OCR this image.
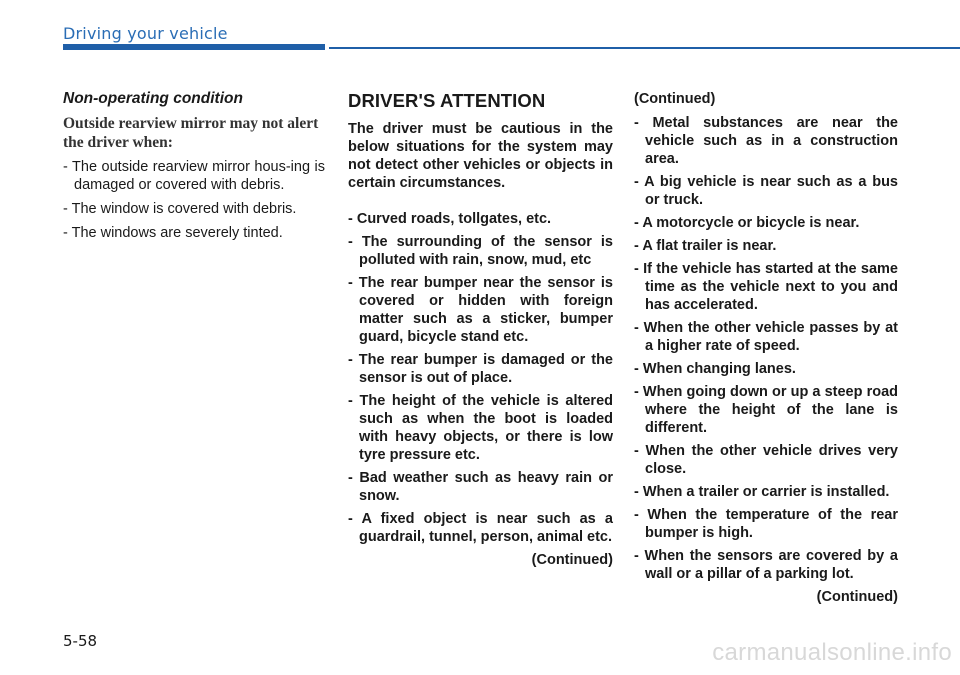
Driving your vehicle
Non-operating condition
Outside rearview mirror may not alert the driver when:
- The outside rearview mirror hous-ing is damaged or covered with debris.
- The window is covered with debris.
- The windows are severely tinted.
DRIVER'S ATTENTION
The driver must be cautious in the below situations for the system may not detect other vehicles or objects in certain circumstances.
- Curved roads, tollgates, etc.
- The surrounding of the sensor is polluted with rain, snow, mud, etc
- The rear bumper near the sensor is covered or hidden with foreign matter such as a sticker, bumper guard, bicycle stand etc.
- The rear bumper is damaged or the sensor is out of place.
- The height of the vehicle is altered such as when the boot is loaded with heavy objects, or there is low tyre pressure etc.
- Bad weather such as heavy rain or snow.
- A fixed object is near such as a guardrail, tunnel, person, animal etc.
(Continued)
(Continued)
- Metal substances are near the vehicle such as in a construction area.
- A big vehicle is near such as a bus or truck.
- A motorcycle or bicycle is near.
- A flat trailer is near.
- If the vehicle has started at the same time as the vehicle next to you and has accelerated.
- When the other vehicle passes by at a higher rate of speed.
- When changing lanes.
- When going down or up a steep road where the height of the lane is different.
- When the other vehicle drives very close.
- When a trailer or carrier is installed.
- When the temperature of the rear bumper is high.
- When the sensors are covered by a wall or a pillar of a parking lot.
(Continued)
5-58	carmanualsonline.info
